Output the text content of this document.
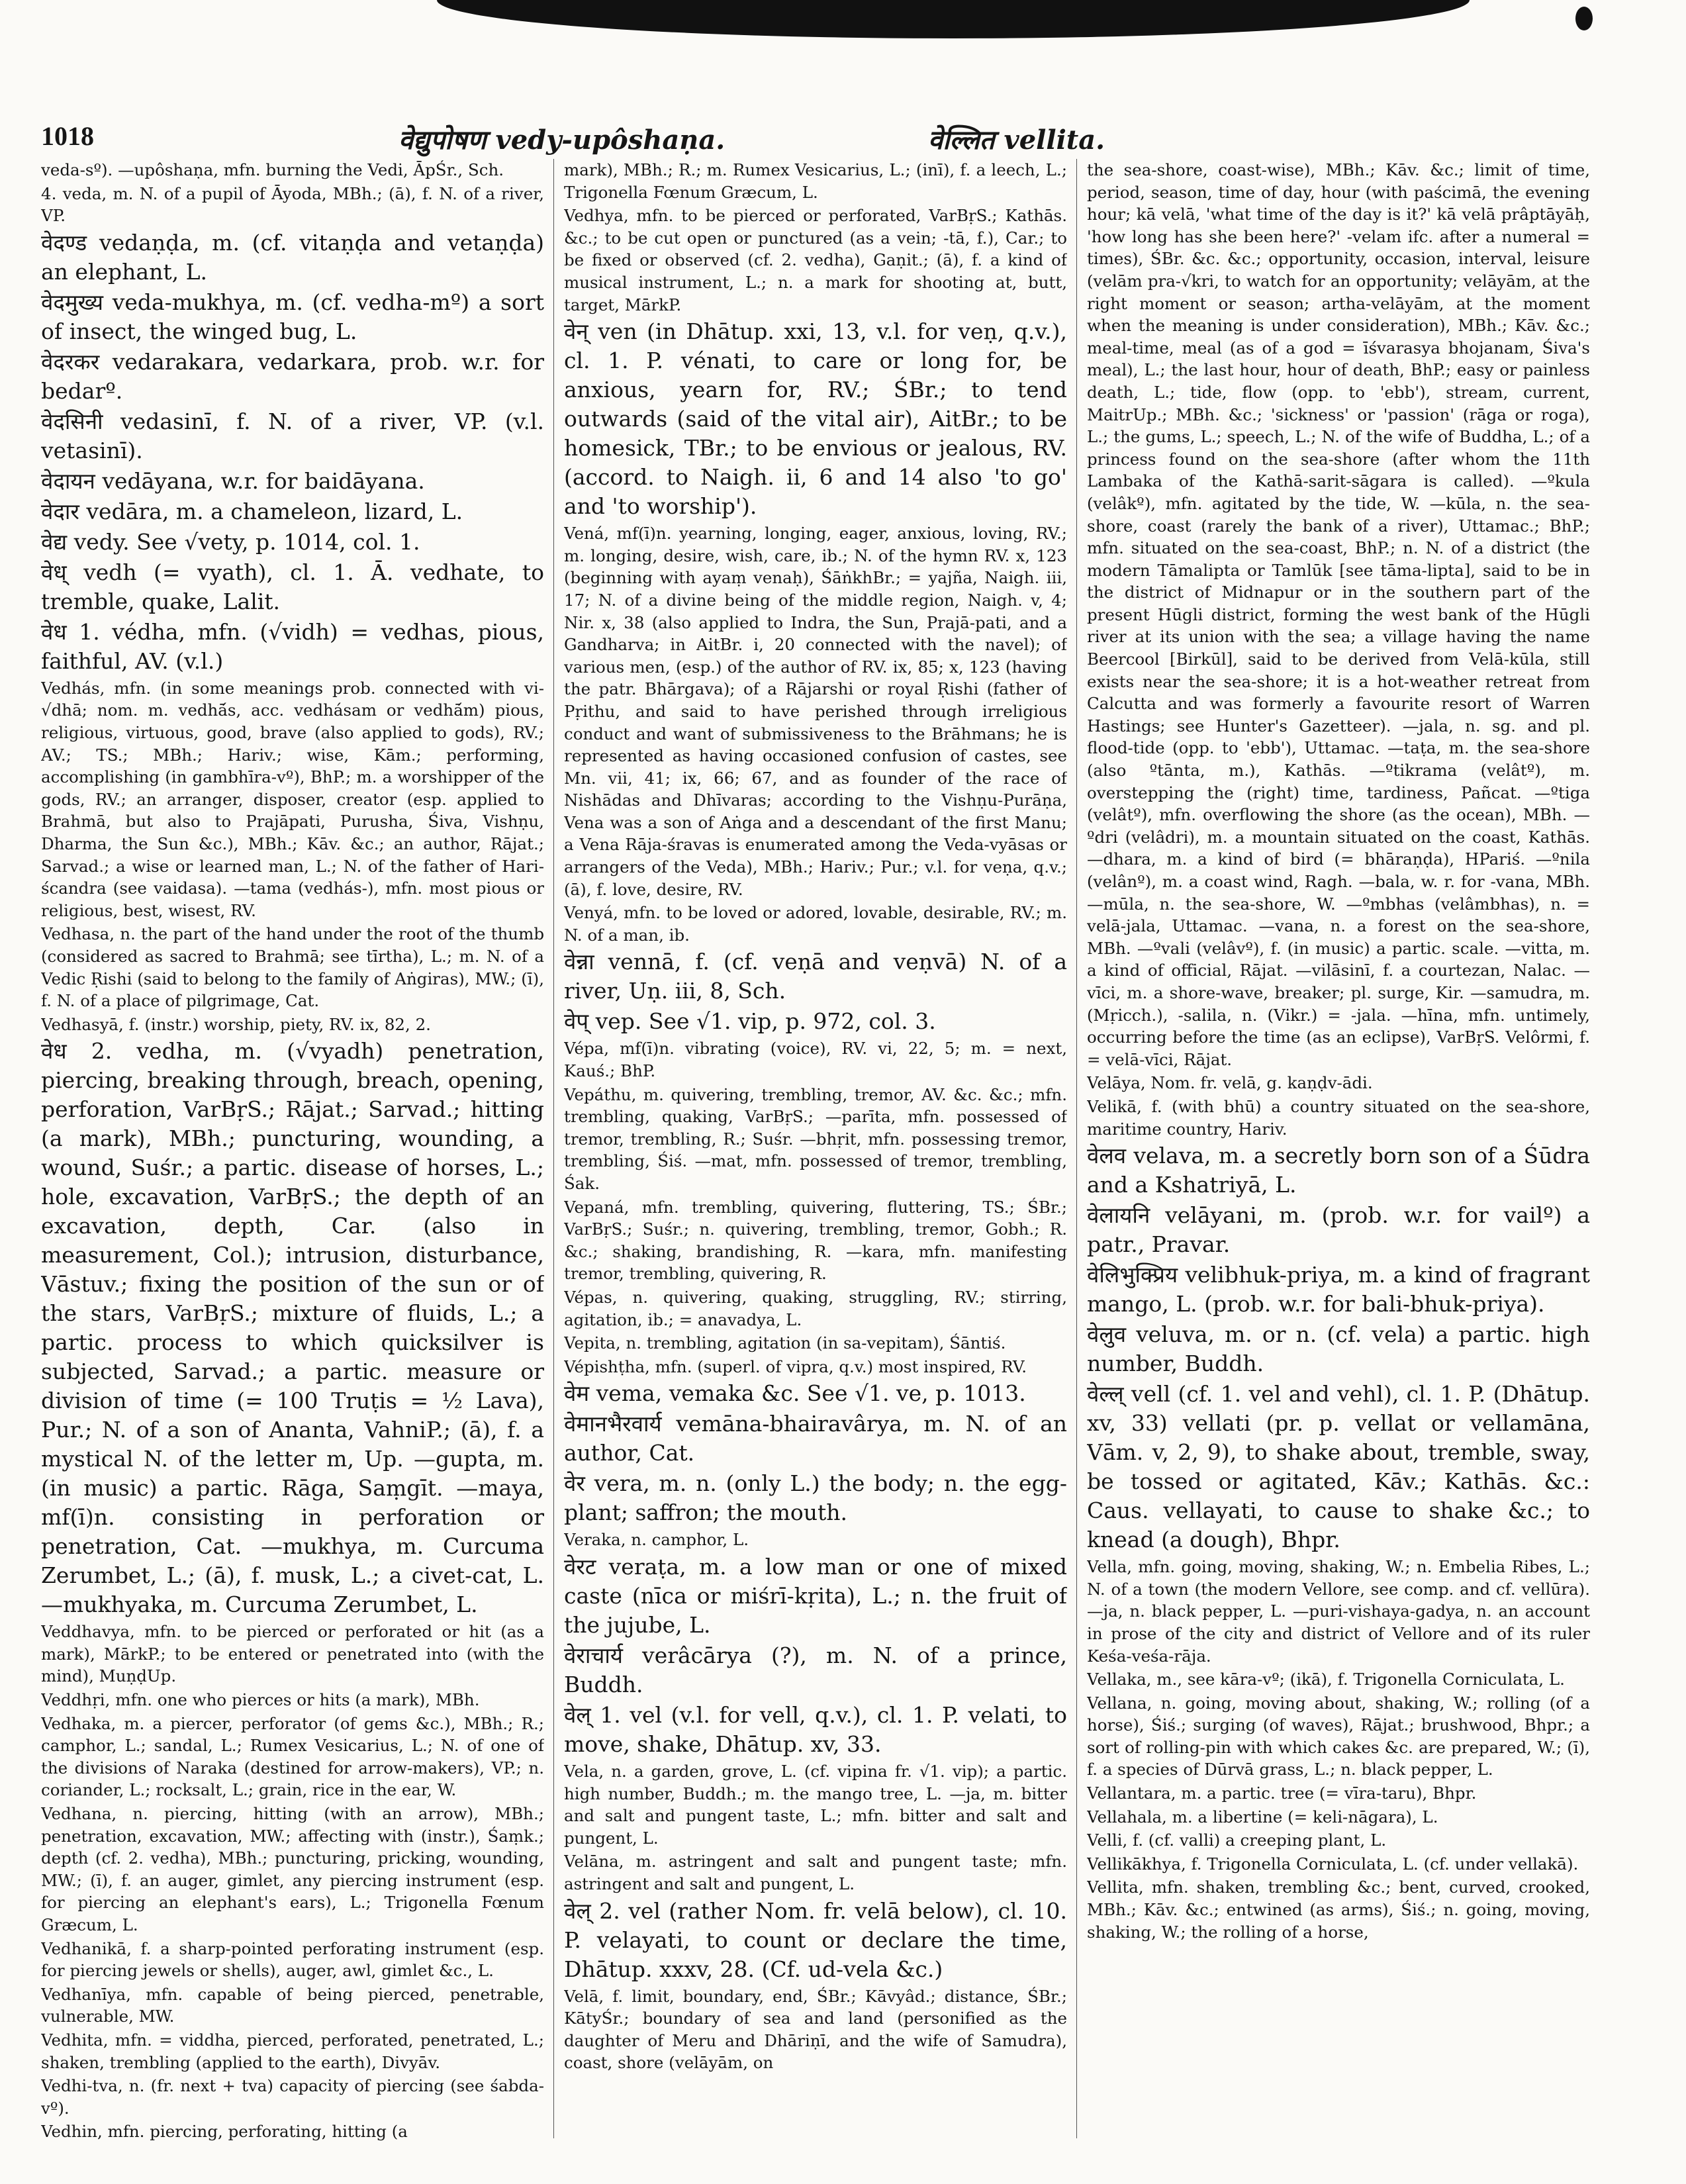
1018	वेद्युपोषण vedy-upôshaṇa.	वेल्लित vellita.

veda-sº). —upôshaṇa, mfn. burning the Vedi, ĀpŚr., Sch.

4. veda, m. N. of a pupil of Āyoda, MBh.; (ā), f. N. of a river, VP.

वेदण्ड vedaṇḍa, m. (cf. vitaṇḍa and vetaṇḍa) an elephant, L.

वेदमुख्य veda-mukhya, m. (cf. vedha-mº) a sort of insect, the winged bug, L.

वेदरकर vedarakara, vedarkara, prob. w.r. for bedarº.

वेदसिनी vedasinī, f. N. of a river, VP. (v.l. vetasinī).

वेदायन vedāyana, w.r. for baidāyana.

वेदार vedāra, m. a chameleon, lizard, L.

वेद्य vedy. See √vety, p. 1014, col. 1.

वेध् vedh (= vyath), cl. 1. Ā. vedhate, to tremble, quake, Lalit.

वेध 1. védha, mfn. (√vidh) = vedhas, pious, faithful, AV. (v.l.)

Vedhás, mfn. (in some meanings prob. connected with vi-√dhā; nom. m. vedhā́s, acc. vedhásam or vedhā́m) pious, religious, virtuous, good, brave (also applied to gods), RV.; AV.; TS.; MBh.; Hariv.; wise, Kām.; performing, accomplishing (in gambhīra-vº), BhP.; m. a worshipper of the gods, RV.; an arranger, disposer, creator (esp. applied to Brahmā, but also to Prajāpati, Purusha, Śiva, Vishṇu, Dharma, the Sun &c.), MBh.; Kāv. &c.; an author, Rājat.; Sarvad.; a wise or learned man, L.; N. of the father of Hari-ścandra (see vaidasa). —tama (vedhás-), mfn. most pious or religious, best, wisest, RV.

Vedhasa, n. the part of the hand under the root of the thumb (considered as sacred to Brahmā; see tīrtha), L.; m. N. of a Vedic Ṛishi (said to belong to the family of Aṅgiras), MW.; (ī), f. N. of a place of pilgrimage, Cat.

Vedhasyā, f. (instr.) worship, piety, RV. ix, 82, 2.

वेध 2. vedha, m. (√vyadh) penetration, piercing, breaking through, breach, opening, perforation, VarBṛS.; Rājat.; Sarvad.; hitting (a mark), MBh.; puncturing, wounding, a wound, Suśr.; a partic. disease of horses, L.; hole, excavation, VarBṛS.; the depth of an excavation, depth, Car. (also in measurement, Col.); intrusion, disturbance, Vāstuv.; fixing the position of the sun or of the stars, VarBṛS.; mixture of fluids, L.; a partic. process to which quicksilver is subjected, Sarvad.; a partic. measure or division of time (= 100 Truṭis = ½ Lava), Pur.; N. of a son of Ananta, VahniP.; (ā), f. a mystical N. of the letter m, Up. —gupta, m. (in music) a partic. Rāga, Saṃgīt. —maya, mf(ī)n. consisting in perforation or penetration, Cat. —mukhya, m. Curcuma Zerumbet, L.; (ā), f. musk, L.; a civet-cat, L. —mukhyaka, m. Curcuma Zerumbet, L.

Veddhavya, mfn. to be pierced or perforated or hit (as a mark), MārkP.; to be entered or penetrated into (with the mind), MuṇḍUp.

Veddhṛi, mfn. one who pierces or hits (a mark), MBh.

Vedhaka, m. a piercer, perforator (of gems &c.), MBh.; R.; camphor, L.; sandal, L.; Rumex Vesicarius, L.; N. of one of the divisions of Naraka (destined for arrow-makers), VP.; n. coriander, L.; rocksalt, L.; grain, rice in the ear, W.

Vedhana, n. piercing, hitting (with an arrow), MBh.; penetration, excavation, MW.; affecting with (instr.), Śaṃk.; depth (cf. 2. vedha), MBh.; puncturing, pricking, wounding, MW.; (ī), f. an auger, gimlet, any piercing instrument (esp. for piercing an elephant's ears), L.; Trigonella Fœnum Græcum, L.

Vedhanikā, f. a sharp-pointed perforating instrument (esp. for piercing jewels or shells), auger, awl, gimlet &c., L.

Vedhanīya, mfn. capable of being pierced, penetrable, vulnerable, MW.

Vedhita, mfn. = viddha, pierced, perforated, penetrated, L.; shaken, trembling (applied to the earth), Divyāv.

Vedhi-tva, n. (fr. next + tva) capacity of piercing (see śabda-vº).

Vedhin, mfn. piercing, perforating, hitting (a

mark), MBh.; R.; m. Rumex Vesicarius, L.; (inī), f. a leech, L.; Trigonella Fœnum Græcum, L.

Vedhya, mfn. to be pierced or perforated, VarBṛS.; Kathās. &c.; to be cut open or punctured (as a vein; -tā, f.), Car.; to be fixed or observed (cf. 2. vedha), Gaṇit.; (ā), f. a kind of musical instrument, L.; n. a mark for shooting at, butt, target, MārkP.

वेन् ven (in Dhātup. xxi, 13, v.l. for veṇ, q.v.), cl. 1. P. vénati, to care or long for, be anxious, yearn for, RV.; ŚBr.; to tend outwards (said of the vital air), AitBr.; to be homesick, TBr.; to be envious or jealous, RV. (accord. to Naigh. ii, 6 and 14 also 'to go' and 'to worship').

Vená, mf(ī)n. yearning, longing, eager, anxious, loving, RV.; m. longing, desire, wish, care, ib.; N. of the hymn RV. x, 123 (beginning with ayaṃ venaḥ), ŚāṅkhBr.; = yajña, Naigh. iii, 17; N. of a divine being of the middle region, Naigh. v, 4; Nir. x, 38 (also applied to Indra, the Sun, Prajā-pati, and a Gandharva; in AitBr. i, 20 connected with the navel); of various men, (esp.) of the author of RV. ix, 85; x, 123 (having the patr. Bhārgava); of a Rājarshi or royal Ṛishi (father of Pṛithu, and said to have perished through irreligious conduct and want of submissiveness to the Brāhmans; he is represented as having occasioned confusion of castes, see Mn. vii, 41; ix, 66; 67, and as founder of the race of Nishādas and Dhīvaras; according to the Vishṇu-Purāṇa, Vena was a son of Aṅga and a descendant of the first Manu; a Vena Rāja-śravas is enumerated among the Veda-vyāsas or arrangers of the Veda), MBh.; Hariv.; Pur.; v.l. for veṇa, q.v.; (ā), f. love, desire, RV.

Venyá, mfn. to be loved or adored, lovable, desirable, RV.; m. N. of a man, ib.

वेन्ना vennā, f. (cf. veṇā and veṇvā) N. of a river, Uṇ. iii, 8, Sch.

वेप् vep. See √1. vip, p. 972, col. 3.

Vépa, mf(ī)n. vibrating (voice), RV. vi, 22, 5; m. = next, Kauś.; BhP.

Vepáthu, m. quivering, trembling, tremor, AV. &c. &c.; mfn. trembling, quaking, VarBṛS.; —parīta, mfn. possessed of tremor, trembling, R.; Suśr. —bhṛit, mfn. possessing tremor, trembling, Śiś. —mat, mfn. possessed of tremor, trembling, Śak.

Vepaná, mfn. trembling, quivering, fluttering, TS.; ŚBr.; VarBṛS.; Suśr.; n. quivering, trembling, tremor, Gobh.; R. &c.; shaking, brandishing, R. —kara, mfn. manifesting tremor, trembling, quivering, R.

Vépas, n. quivering, quaking, struggling, RV.; stirring, agitation, ib.; = anavadya, L.

Vepita, n. trembling, agitation (in sa-vepitam), Śāntiś.

Vépishṭha, mfn. (superl. of vipra, q.v.) most inspired, RV.

वेम vema, vemaka &c. See √1. ve, p. 1013.

वेमानभैरवार्य vemāna-bhairavârya, m. N. of an author, Cat.

वेर vera, m. n. (only L.) the body; n. the egg-plant; saffron; the mouth.

Veraka, n. camphor, L.

वेरट veraṭa, m. a low man or one of mixed caste (nīca or miśrī-kṛita), L.; n. the fruit of the jujube, L.

वेराचार्य verâcārya (?), m. N. of a prince, Buddh.

वेल् 1. vel (v.l. for vell, q.v.), cl. 1. P. velati, to move, shake, Dhātup. xv, 33.

Vela, n. a garden, grove, L. (cf. vipina fr. √1. vip); a partic. high number, Buddh.; m. the mango tree, L. —ja, m. bitter and salt and pungent taste, L.; mfn. bitter and salt and pungent, L.

Velāna, m. astringent and salt and pungent taste; mfn. astringent and salt and pungent, L.

वेल् 2. vel (rather Nom. fr. velā below), cl. 10. P. velayati, to count or declare the time, Dhātup. xxxv, 28. (Cf. ud-vela &c.)

Velā, f. limit, boundary, end, ŚBr.; Kāvyâd.; distance, ŚBr.; KātyŚr.; boundary of sea and land (personified as the daughter of Meru and Dhāriṇī, and the wife of Samudra), coast, shore (velāyām, on

the sea-shore, coast-wise), MBh.; Kāv. &c.; limit of time, period, season, time of day, hour (with paścimā, the evening hour; kā velā, 'what time of the day is it?' kā velā prâptāyāḥ, 'how long has she been here?' -velam ifc. after a numeral = times), ŚBr. &c. &c.; opportunity, occasion, interval, leisure (velām pra-√kri, to watch for an opportunity; velāyām, at the right moment or season; artha-velāyām, at the moment when the meaning is under consideration), MBh.; Kāv. &c.; meal-time, meal (as of a god = īśvarasya bhojanam, Śiva's meal), L.; the last hour, hour of death, BhP.; easy or painless death, L.; tide, flow (opp. to 'ebb'), stream, current, MaitrUp.; MBh. &c.; 'sickness' or 'passion' (rāga or roga), L.; the gums, L.; speech, L.; N. of the wife of Buddha, L.; of a princess found on the sea-shore (after whom the 11th Lambaka of the Kathā-sarit-sāgara is called). —ºkula (velâkº), mfn. agitated by the tide, W. —kūla, n. the sea-shore, coast (rarely the bank of a river), Uttamac.; BhP.; mfn. situated on the sea-coast, BhP.; n. N. of a district (the modern Tāmalipta or Tamlūk [see tāma-lipta], said to be in the district of Midnapur or in the southern part of the present Hūgli district, forming the west bank of the Hūgli river at its union with the sea; a village having the name Beercool [Birkūl], said to be derived from Velā-kūla, still exists near the sea-shore; it is a hot-weather retreat from Calcutta and was formerly a favourite resort of Warren Hastings; see Hunter's Gazetteer). —jala, n. sg. and pl. flood-tide (opp. to 'ebb'), Uttamac. —taṭa, m. the sea-shore (also ºtānta, m.), Kathās. —ºtikrama (velâtº), m. overstepping the (right) time, tardiness, Pañcat. —ºtiga (velâtº), mfn. overflowing the shore (as the ocean), MBh. —ºdri (velâdri), m. a mountain situated on the coast, Kathās. —dhara, m. a kind of bird (= bhāraṇḍa), HPariś. —ºnila (velânº), m. a coast wind, Ragh. —bala, w. r. for -vana, MBh. —mūla, n. the sea-shore, W. —ºmbhas (velâmbhas), n. = velā-jala, Uttamac. —vana, n. a forest on the sea-shore, MBh. —ºvali (velâvº), f. (in music) a partic. scale. —vitta, m. a kind of official, Rājat. —vilāsinī, f. a courtezan, Nalac. —vīci, m. a shore-wave, breaker; pl. surge, Kir. —samudra, m. (Mṛicch.), -salila, n. (Vikr.) = -jala. —hīna, mfn. untimely, occurring before the time (as an eclipse), VarBṛS. Velôrmi, f. = velā-vīci, Rājat.

Velāya, Nom. fr. velā, g. kaṇḍv-ādi.

Velikā, f. (with bhū) a country situated on the sea-shore, maritime country, Hariv.

वेलव velava, m. a secretly born son of a Śūdra and a Kshatriyā, L.

वेलायनि velāyani, m. (prob. w.r. for vailº) a patr., Pravar.

वेलिभुक्प्रिय velibhuk-priya, m. a kind of fragrant mango, L. (prob. w.r. for bali-bhuk-priya).

वेलुव veluva, m. or n. (cf. vela) a partic. high number, Buddh.

वेल्ल् vell (cf. 1. vel and vehl), cl. 1. P. (Dhātup. xv, 33) vellati (pr. p. vellat or vellamāna, Vām. v, 2, 9), to shake about, tremble, sway, be tossed or agitated, Kāv.; Kathās. &c.: Caus. vellayati, to cause to shake &c.; to knead (a dough), Bhpr.

Vella, mfn. going, moving, shaking, W.; n. Embelia Ribes, L.; N. of a town (the modern Vellore, see comp. and cf. vellūra). —ja, n. black pepper, L. —puri-vishaya-gadya, n. an account in prose of the city and district of Vellore and of its ruler Keśa-veśa-rāja.

Vellaka, m., see kāra-vº; (ikā), f. Trigonella Corniculata, L.

Vellana, n. going, moving about, shaking, W.; rolling (of a horse), Śiś.; surging (of waves), Rājat.; brushwood, Bhpr.; a sort of rolling-pin with which cakes &c. are prepared, W.; (ī), f. a species of Dūrvā grass, L.; n. black pepper, L.

Vellantara, m. a partic. tree (= vīra-taru), Bhpr.

Vellahala, m. a libertine (= keli-nāgara), L.

Velli, f. (cf. valli) a creeping plant, L.

Vellikākhya, f. Trigonella Corniculata, L. (cf. under vellakā).

Vellita, mfn. shaken, trembling &c.; bent, curved, crooked, MBh.; Kāv. &c.; entwined (as arms), Śiś.; n. going, moving, shaking, W.; the rolling of a horse,
